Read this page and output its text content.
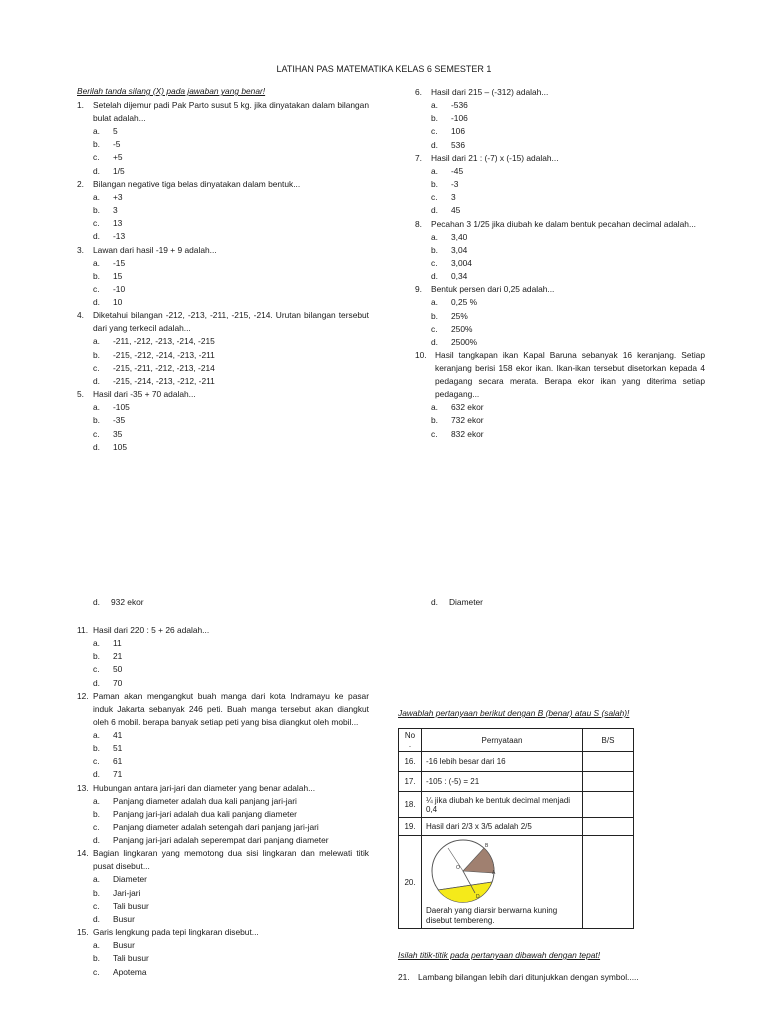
LATIHAN PAS MATEMATIKA KELAS 6 SEMESTER 1
Berilah tanda silang (X) pada jawaban yang benar!
1. Setelah dijemur padi Pak Parto susut 5 kg. jika dinyatakan dalam bilangan bulat adalah...
a. 5
b. -5
c. +5
d. 1/5
2. Bilangan negative tiga belas dinyatakan dalam bentuk...
a. +3
b. 3
c. 13
d. -13
3. Lawan dari hasil -19 + 9 adalah...
a. -15
b. 15
c. -10
d. 10
4. Diketahui bilangan -212, -213, -211, -215, -214. Urutan bilangan tersebut dari yang terkecil adalah...
a. -211, -212, -213, -214, -215
b. -215, -212, -214, -213, -211
c. -215, -211, -212, -213, -214
d. -215, -214, -213, -212, -211
5. Hasil dari -35 + 70 adalah...
a. -105
b. -35
c. 35
d. 105
6. Hasil dari 215 – (-312) adalah...
a. -536
b. -106
c. 106
d. 536
7. Hasil dari 21 : (-7) x (-15) adalah...
a. -45
b. -3
c. 3
d. 45
8. Pecahan 3 1/25 jika diubah ke dalam bentuk pecahan decimal adalah...
a. 3,40
b. 3,04
c. 3,004
d. 0,34
9. Bentuk persen dari 0,25 adalah...
a. 0,25 %
b. 25%
c. 250%
d. 2500%
10. Hasil tangkapan ikan Kapal Baruna sebanyak 16 keranjang. Setiap keranjang berisi 158 ekor ikan. Ikan-ikan tersebut disetorkan kepada 4 pedagang secara merata. Berapa ekor ikan yang diterima setiap pedagang...
a. 632 ekor
b. 732 ekor
c. 832 ekor
d. 932 ekor	d. Diameter
11. Hasil dari 220 : 5 + 26 adalah...
a. 11
b. 21
c. 50
d. 70
12. Paman akan mengangkut buah manga dari kota Indramayu ke pasar induk Jakarta sebanyak 246 peti. Buah manga tersebut akan diangkut oleh 6 mobil. berapa banyak setiap peti yang bisa diangkut oleh mobil...
a. 41
b. 51
c. 61
d. 71
13. Hubungan antara jari-jari dan diameter yang benar adalah...
a. Panjang diameter adalah dua kali panjang jari-jari
b. Panjang jari-jari adalah dua kali panjang diameter
c. Panjang diameter adalah setengah dari panjang jari-jari
d. Panjang jari-jari adalah seperempat dari panjang diameter
14. Bagian lingkaran yang memotong dua sisi lingkaran dan melewati titik pusat disebut...
a. Diameter
b. Jari-jari
c. Tali busur
d. Busur
15. Garis lengkung pada tepi lingkaran disebut...
a. Busur
b. Tali busur
c. Apotema
Jawablah pertanyaan berikut dengan B (benar) atau S (salah)!
No .	Pernyataan	B/S
16.	-16 lebih besar dari 16	
17.	-105 : (-5) = 21	
18.	¼ jika diubah ke bentuk decimal menjadi 0,4	
19.	Hasil dari 2/3 x 3/5 adalah 2/5	
20.	O
B
A
D
Daerah yang diarsir berwarna kuning disebut tembereng.	

Isilah titik-titik pada pertanyaan dibawah dengan tepat!
21. Lambang bilangan lebih dari ditunjukkan dengan symbol.....
